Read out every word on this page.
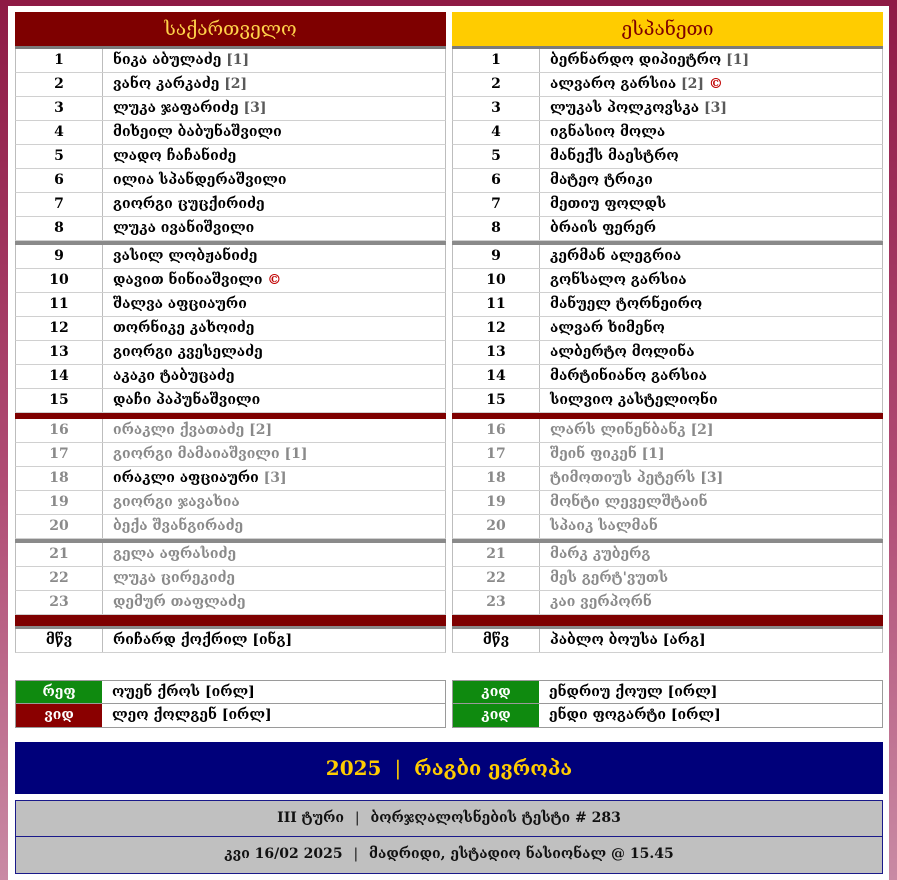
საქართველო
1	ნიკა აბულაძე [1]
2	ვანო კარკაძე [2]
3	ლუკა ჯაფარიძე [3]
4	მიხეილ ბაბუნაშვილი
5	ლადო ჩაჩანიძე
6	ილია სპანდერაშვილი
7	გიორგი ცუცქირიძე
8	ლუკა ივანიშვილი
9	ვასილ ლობჟანიძე
10	დავით ნინიაშვილი ©
11	შალვა აფციაური
12	თორნიკე კახოიძე
13	გიორგი კვესელაძე
14	აკაკი ტაბუცაძე
15	დაჩი პაპუნაშვილი
16	ირაკლი ქვათაძე [2]
17	გიორგი მამაიაშვილი [1]
18	ირაკლი აფციაური [3]
19	გიორგი ჯავახია
20	ბექა შვანგირაძე
21	გელა აფრასიძე
22	ლუკა ცირეკიძე
23	დემურ თაფლაძე
მწვ	რიჩარდ ქოქრილ [ინგ]
ესპანეთი
1	ბერნარდო დიპიეტრო [1]
2	ალვარო გარსია [2] ©
3	ლუკას პოლკოვსკა [3]
4	იგნასიო მოლა
5	მანექს მაესტრო
6	მატეო ტრიკი
7	მეთიუ ფოლდს
8	ბრაის ფერერ
9	კერმან ალეგრია
10	გონსალო გარსია
11	მანუელ ტორნეირო
12	ალვარ ხიმენო
13	ალბერტო მოლინა
14	მარტინიანო გარსია
15	სილვიო კასტელიონი
16	ლარს ლინენბანკ [2]
17	შეინ ფიკენ [1]
18	ტიმოთიუს პეტერს [3]
19	მონტი ლეველშტაინ
20	სპაიკ სალმან
21	მარკ კუბერგ
22	მეს გერტ'ვუთს
23	კაი ვერპორნ
მწვ	პაბლო ბოუსა [არგ]
რეფ	ოუენ ქროს [ირლ]
ვიდ	ლეო ქოლგენ [ირლ]
კიდ	ენდრიუ ქოულ [ირლ]
კიდ	ენდი ფოგარტი [ირლ]
2025 | რაგბი ევროპა
III ტური | ბორჯღალოსნების ტესტი # 283
კვი 16/02 2025 | მადრიდი, ესტადიო ნასიონალ @ 15.45
